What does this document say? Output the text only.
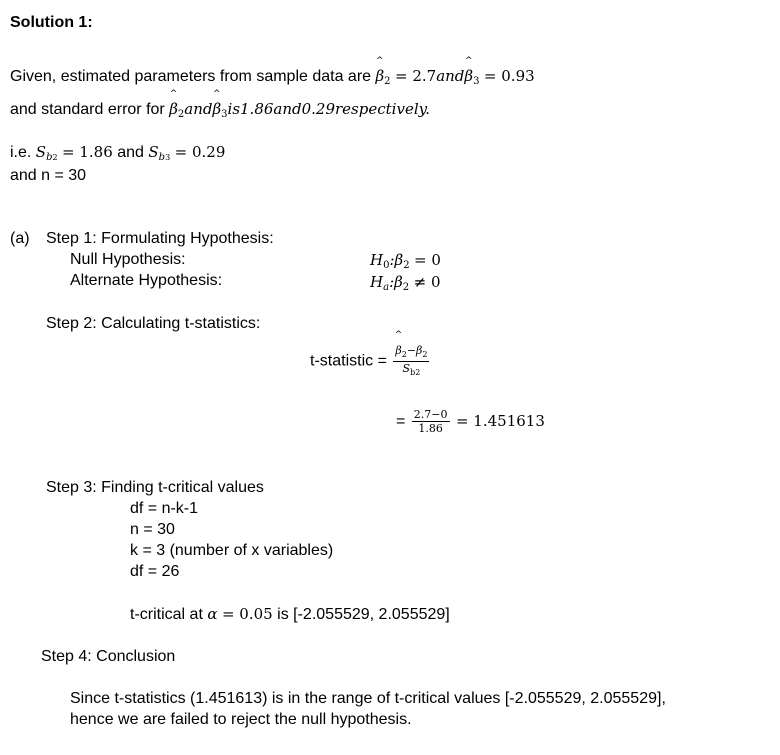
Solution 1:
Given, estimated parameters from sample data are ^ $\beta_2$ = 2.7and^ $\beta_3 = 0.93$
and standard error for ^ $\beta_2and\^{}$ $\beta_3is1.86and0.29respectively$.
i.e. $S_{b2} = 1.86$ and $S_{b3} = 0.29$
and n = 30
(a) Step 1: Formulating Hypothesis:
Null Hypothesis:
Alternate Hypothesis:
$H_0:\beta_2 = 0$
$H_a:\beta_2 \ne 0$
Step 2: Calculating t-statistics:
t-statistic = ^ $\frac{\beta_2-\beta_2}{S_{b2}}$
= $\frac{2.7-0}{1.86} = 1.451613$
Step 3: Finding t-critical values
df = n-k-1
n = 30
k = 3 (number of x variables)
df = 26
t-critical at α = 0.05 is [-2.055529, 2.055529]
Step 4: Conclusion
Since t-statistics (1.451613) is in the range of t-critical values [-2.055529, 2.055529],
hence we are failed to reject the null hypothesis.
